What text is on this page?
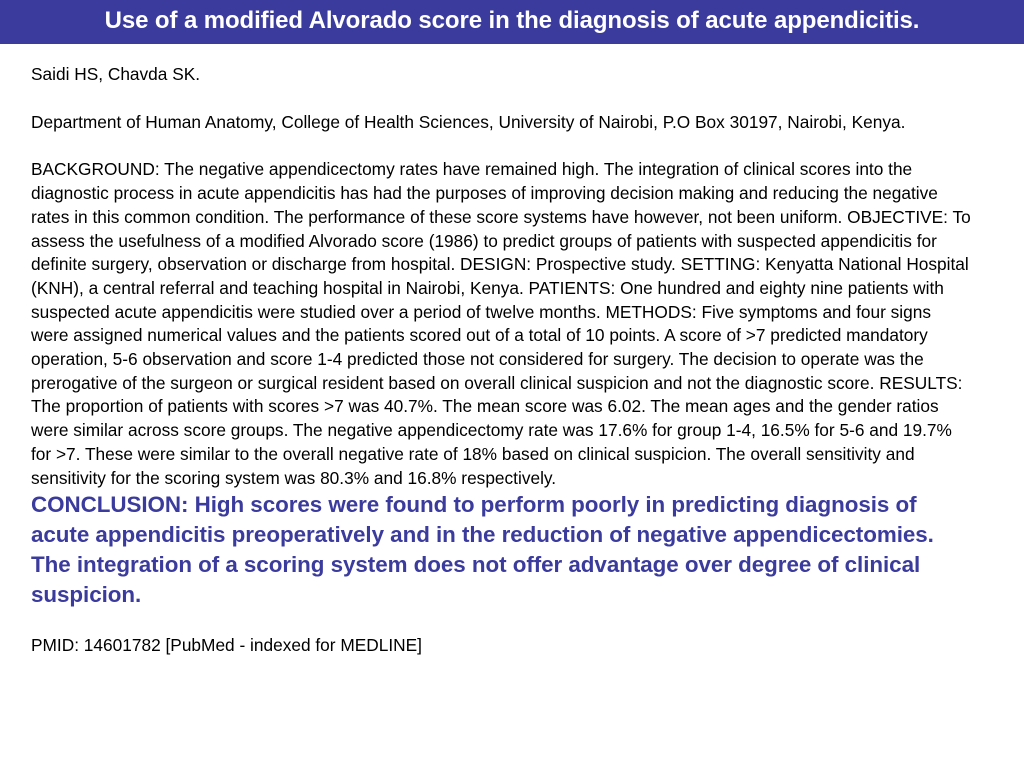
Use of a modified Alvorado score in the diagnosis of acute appendicitis.

Saidi HS, Chavda SK.

Department of Human Anatomy, College of Health Sciences, University of Nairobi, P.O Box 30197, Nairobi, Kenya.

BACKGROUND: The negative appendicectomy rates have remained high. The integration of clinical scores into the diagnostic process in acute appendicitis has had the purposes of improving decision making and reducing the negative rates in this common condition. The performance of these score systems have however, not been uniform. OBJECTIVE: To assess the usefulness of a modified Alvorado score (1986) to predict groups of patients with suspected appendicitis for definite surgery, observation or discharge from hospital. DESIGN: Prospective study. SETTING: Kenyatta National Hospital (KNH), a central referral and teaching hospital in Nairobi, Kenya. PATIENTS: One hundred and eighty nine patients with suspected acute appendicitis were studied over a period of twelve months. METHODS: Five symptoms and four signs were assigned numerical values and the patients scored out of a total of 10 points. A score of >7 predicted mandatory operation, 5-6 observation and score 1-4 predicted those not considered for surgery. The decision to operate was the prerogative of the surgeon or surgical resident based on overall clinical suspicion and not the diagnostic score. RESULTS: The proportion of patients with scores >7 was 40.7%. The mean score was 6.02. The mean ages and the gender ratios were similar across score groups. The negative appendicectomy rate was 17.6% for group 1-4, 16.5% for 5-6 and 19.7% for >7. These were similar to the overall negative rate of 18% based on clinical suspicion. The overall sensitivity and sensitivity for the scoring system was 80.3% and 16.8% respectively.

CONCLUSION: High scores were found to perform poorly in predicting diagnosis of acute appendicitis preoperatively and in the reduction of negative appendicectomies. The integration of a scoring system does not offer advantage over degree of clinical suspicion.

PMID: 14601782 [PubMed - indexed for MEDLINE]
